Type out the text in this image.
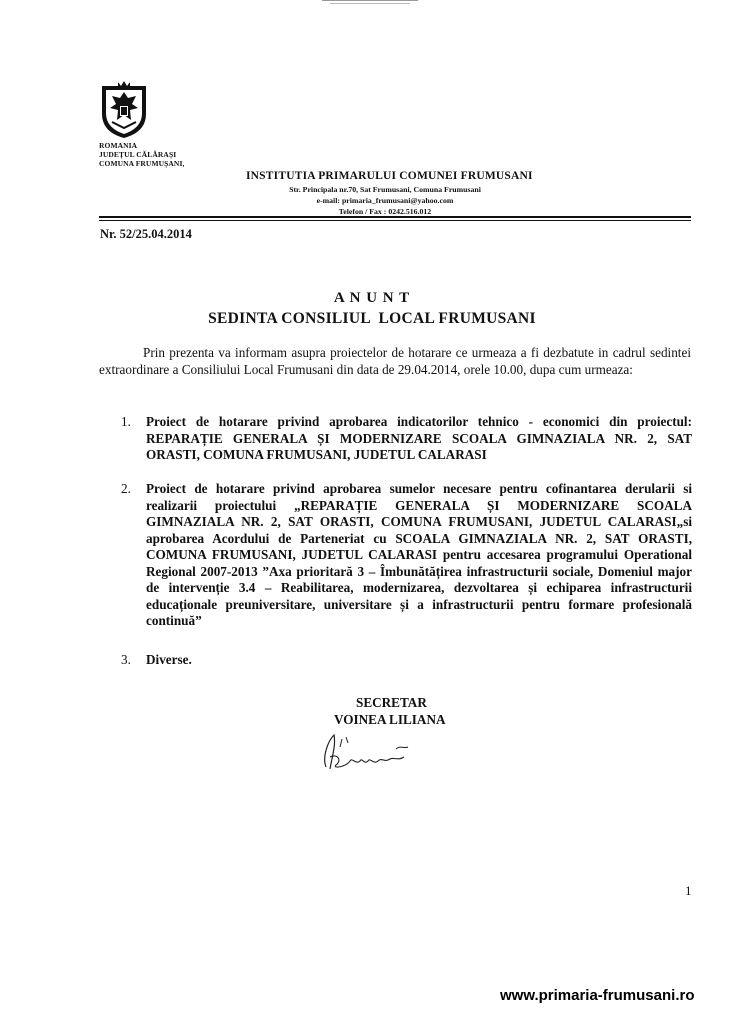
ROMANIA
JUDEȚUL CĂLĂRAȘI
COMUNA FRUMUȘANI,
INSTITUTIA PRIMARULUI COMUNEI FRUMUSANI
Str. Principala nr.70, Sat Frumusani, Comuna Frumusani
e-mail: primaria_frumusani@yahoo.com
Telefon / Fax : 0242.516.012
Nr. 52/25.04.2014
A N U N T
SEDINTA CONSILIUL  LOCAL FRUMUSANI
Prin prezenta va informam asupra proiectelor de hotarare ce urmeaza a fi dezbatute in cadrul sedintei extraordinare a Consiliului Local Frumusani din data de 29.04.2014, orele 10.00, dupa cum urmeaza:
1. Proiect de hotarare privind aprobarea indicatorilor tehnico - economici din proiectul: REPARAȚIE GENERALA ȘI MODERNIZARE SCOALA GIMNAZIALA NR. 2, SAT ORASTI, COMUNA FRUMUSANI, JUDETUL CALARASI
2. Proiect de hotarare privind aprobarea sumelor necesare pentru cofinantarea derularii si realizarii proiectului „REPARAȚIE GENERALA ȘI MODERNIZARE SCOALA GIMNAZIALA NR. 2, SAT ORASTI, COMUNA FRUMUSANI, JUDETUL CALARASI„si aprobarea Acordului de Parteneriat cu SCOALA GIMNAZIALA NR. 2, SAT ORASTI, COMUNA FRUMUSANI, JUDETUL CALARASI pentru accesarea programului Operational Regional 2007-2013 ”Axa prioritară 3 – Îmbunătățirea infrastructurii sociale, Domeniul major de intervenție 3.4 – Reabilitarea, modernizarea, dezvoltarea și echiparea infrastructurii educaționale preuniversitare, universitare și a infrastructurii pentru formare profesională continuă”
3. Diverse.
SECRETAR
VOINEA LILIANA
1
www.primaria-frumusani.ro
